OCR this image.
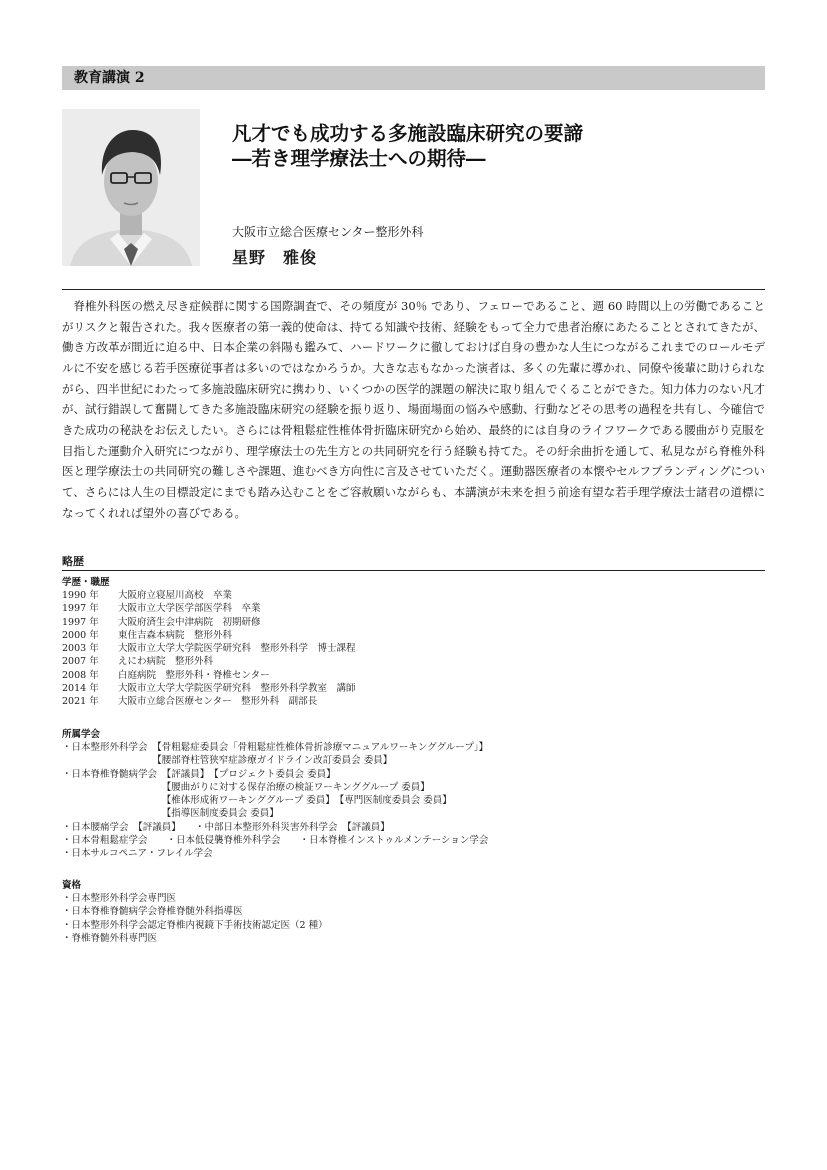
教育講演 2
凡才でも成功する多施設臨床研究の要諦
―若き理学療法士への期待―
大阪市立総合医療センター整形外科
星野　雅俊

脊椎外科医の燃え尽き症候群に関する国際調査で、その頻度が 30％ であり、フェローであること、週 60 時間以上の労働であることがリスクと報告された。我々医療者の第一義的使命は、持てる知識や技術、経験をもって全力で患者治療にあたることとされてきたが、働き方改革が間近に迫る中、日本企業の斜陽も鑑みて、ハードワークに徹しておけば自身の豊かな人生につながるこれまでのロールモデルに不安を感じる若手医療従事者は多いのではなかろうか。大きな志もなかった演者は、多くの先輩に導かれ、同僚や後輩に助けられながら、四半世紀にわたって多施設臨床研究に携わり、いくつかの医学的課題の解決に取り組んでくることができた。知力体力のない凡才が、試行錯誤して奮闘してきた多施設臨床研究の経験を振り返り、場面場面の悩みや感動、行動などその思考の過程を共有し、今確信できた成功の秘訣をお伝えしたい。さらには骨粗鬆症性椎体骨折臨床研究から始め、最終的には自身のライフワークである腰曲がり克服を目指した運動介入研究につながり、理学療法士の先生方との共同研究を行う経験も持てた。その紆余曲折を通して、私見ながら脊椎外科医と理学療法士の共同研究の難しさや課題、進むべき方向性に言及させていただく。運動器医療者の本懐やセルフブランディングについて、さらには人生の目標設定にまでも踏み込むことをご容赦願いながらも、本講演が未来を担う前途有望な若手理学療法士諸君の道標になってくれれば望外の喜びである。

略歴
学歴・職歴
1990 年	大阪府立寝屋川高校　卒業
1997 年	大阪市立大学医学部医学科　卒業
1997 年	大阪府済生会中津病院　初期研修
2000 年	東住吉森本病院　整形外科
2003 年	大阪市立大学大学院医学研究科　整形外科学　博士課程
2007 年	えにわ病院　整形外科
2008 年	白庭病院　整形外科・脊椎センター
2014 年	大阪市立大学大学院医学研究科　整形外科学教室　講師
2021 年	大阪市立総合医療センター　整形外科　副部長
所属学会
・日本整形外科学会　【骨粗鬆症委員会「骨粗鬆症性椎体骨折診療マニュアルワーキンググループ」】
　　　　　　　　　　【腰部脊柱管狭窄症診療ガイドライン改訂委員会 委員】
・日本脊椎脊髄病学会　【評議員】　【プロジェクト委員会 委員】
　　　　　　　　　　　【腰曲がりに対する保存治療の検証ワーキンググループ 委員】
　　　　　　　　　　　【椎体形成術ワーキンググループ 委員】　【専門医制度委員会 委員】
　　　　　　　　　　　【指導医制度委員会 委員】
・日本腰痛学会　【評議員】　　・中部日本整形外科災害外科学会　【評議員】
・日本骨粗鬆症学会　　・日本低侵襲脊椎外科学会　　・日本脊椎インストゥルメンテーション学会
・日本サルコペニア・フレイル学会
資格
・日本整形外科学会専門医
・日本脊椎脊髄病学会脊椎脊髄外科指導医
・日本整形外科学会認定脊椎内視鏡下手術技術認定医（2 種）
・脊椎脊髄外科専門医
